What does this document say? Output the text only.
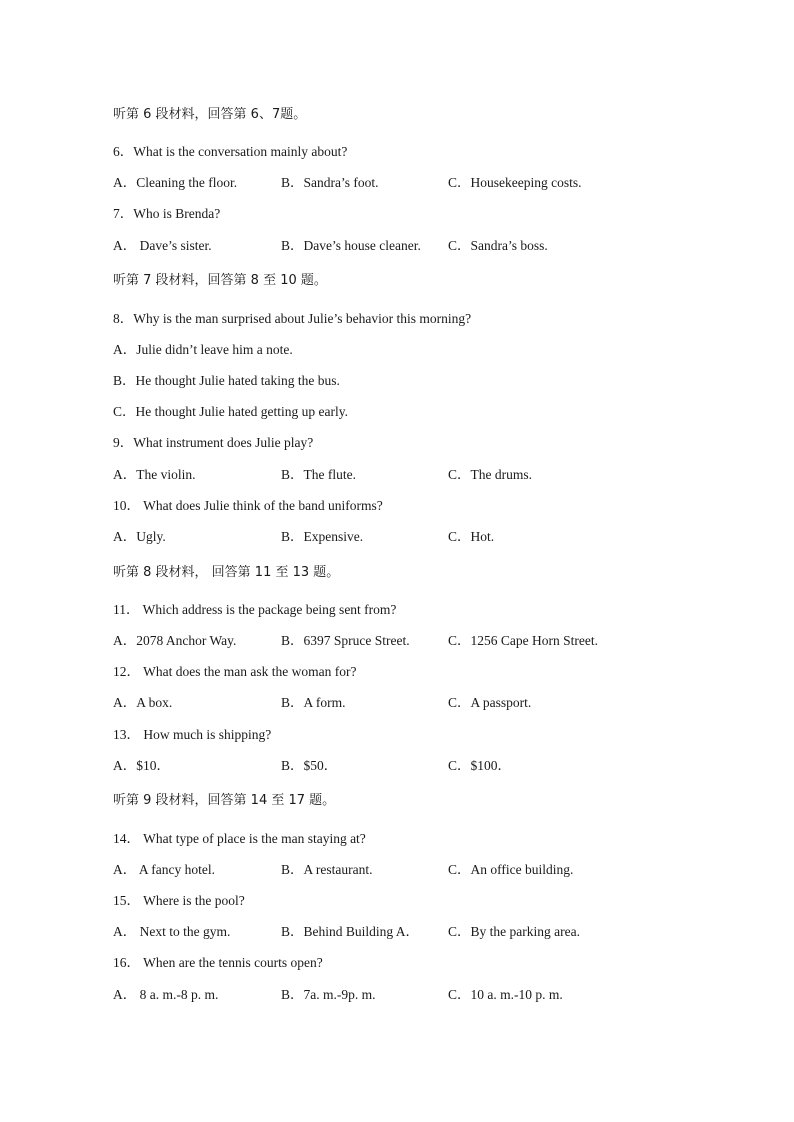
听第 6 段材料，回答第 6、7题。
6．What is the conversation mainly about?
A．Cleaning the floor.	B．Sandra’s foot.	C．Housekeeping costs.
7．Who is Brenda?
A． Dave’s sister.	B．Dave’s house cleaner. C．Sandra’s boss.
听第 7 段材料，回答第 8 至 10 题。
8．Why is the man surprised about Julie’s behavior this morning?
A．Julie didn’t leave him a note.
B．He thought Julie hated taking the bus.
C．He thought Julie hated getting up early.
9．What instrument does Julie play?
A．The violin.	B．The flute.	C．The drums.
10． What does Julie think of the band uniforms?
A．Ugly.	B．Expensive.	C．Hot.
听第 8 段材料， 回答第 11 至 13 题。
11． Which address is the package being sent from?
A．2078 Anchor Way.	B．6397 Spruce Street.	C．1256 Cape Horn Street.
12． What does the man ask the woman for?
A．A box.	B．A form.	C．A passport.
13． How much is shipping?
A．$10．	B．$50．	C．$100．
听第 9 段材料，回答第 14 至 17 题。
14． What type of place is the man staying at?
A． A fancy hotel.	B．A restaurant.	C．An office building.
15． Where is the pool?
A． Next to the gym.	B．Behind Building A． C．By the parking area.
16． When are the tennis courts open?
A． 8 a. m.-8 p. m.	B．7a. m.-9p. m.	C．10 a. m.-10 p. m.
